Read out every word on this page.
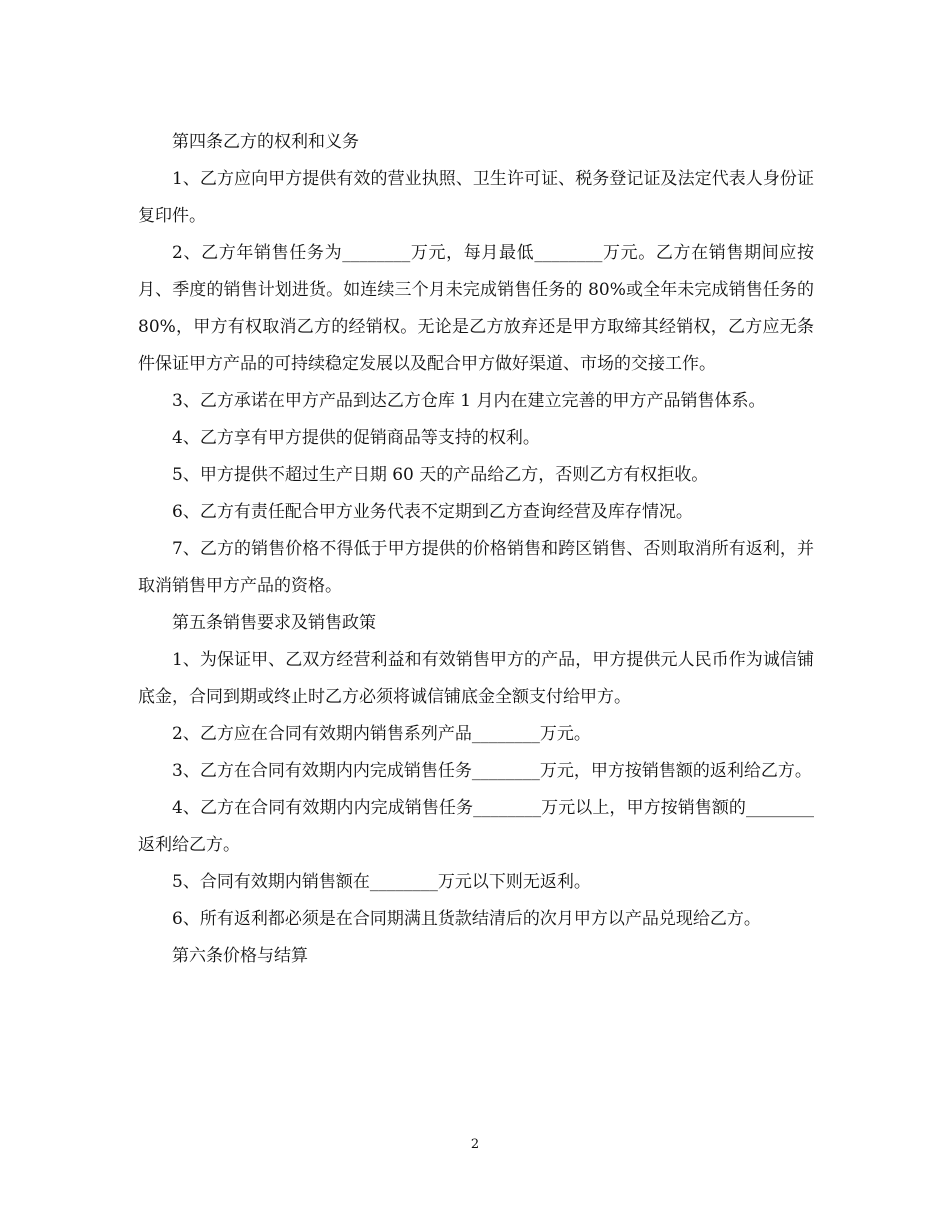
第四条乙方的权利和义务

1、乙方应向甲方提供有效的营业执照、卫生许可证、税务登记证及法定代表人身份证复印件。

2、乙方年销售任务为________万元，每月最低________万元。乙方在销售期间应按月、季度的销售计划进货。如连续三个月未完成销售任务的 80%或全年未完成销售任务的 80%，甲方有权取消乙方的经销权。无论是乙方放弃还是甲方取缔其经销权，乙方应无条件保证甲方产品的可持续稳定发展以及配合甲方做好渠道、市场的交接工作。

3、乙方承诺在甲方产品到达乙方仓库 1 月内在建立完善的甲方产品销售体系。

4、乙方享有甲方提供的促销商品等支持的权利。

5、甲方提供不超过生产日期 60 天的产品给乙方，否则乙方有权拒收。

6、乙方有责任配合甲方业务代表不定期到乙方查询经营及库存情况。

7、乙方的销售价格不得低于甲方提供的价格销售和跨区销售、否则取消所有返利，并取消销售甲方产品的资格。

第五条销售要求及销售政策

1、为保证甲、乙双方经营利益和有效销售甲方的产品，甲方提供元人民币作为诚信铺底金，合同到期或终止时乙方必须将诚信铺底金全额支付给甲方。

2、乙方应在合同有效期内销售系列产品________万元。

3、乙方在合同有效期内内完成销售任务________万元，甲方按销售额的返利给乙方。

4、乙方在合同有效期内内完成销售任务________万元以上，甲方按销售额的________返利给乙方。

5、合同有效期内销售额在________万元以下则无返利。

6、所有返利都必须是在合同期满且货款结清后的次月甲方以产品兑现给乙方。

第六条价格与结算

2
